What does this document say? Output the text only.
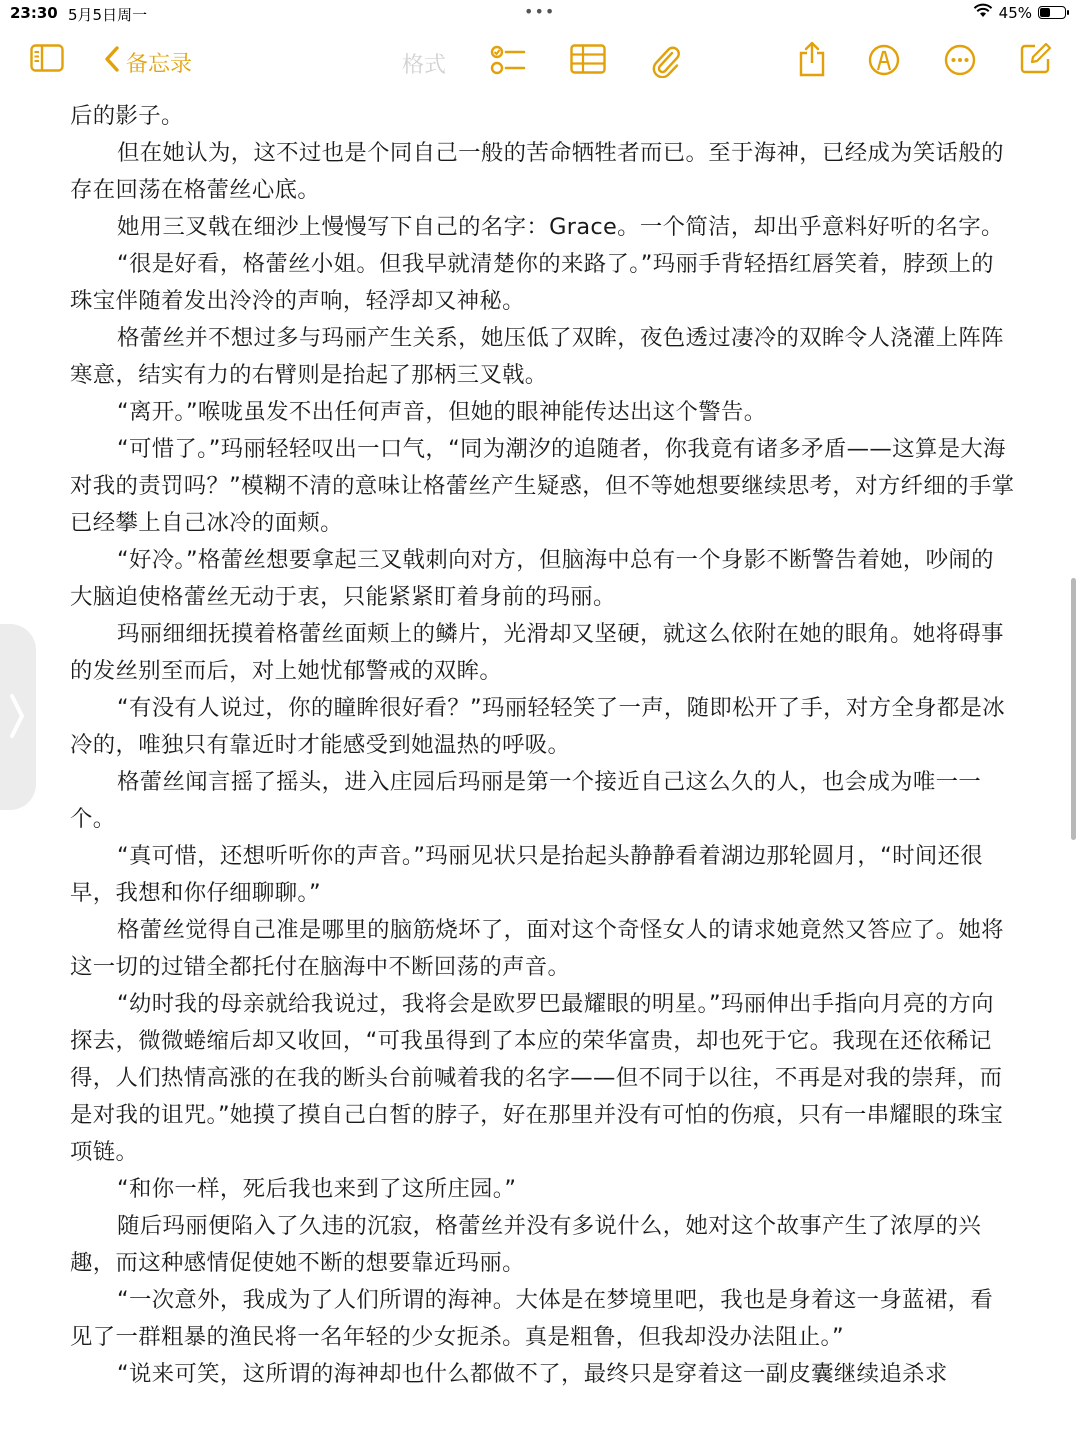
23:30 5月5日周一	•••	45%
备忘录	格式

后的影子。

但在她认为，这不过也是个同自己一般的苦命牺牲者而已。至于海神，已经成为笑话般的存在回荡在格蕾丝心底。

她用三叉戟在细沙上慢慢写下自己的名字：Grace。一个简洁，却出乎意料好听的名字。

“很是好看，格蕾丝小姐。但我早就清楚你的来路了。”玛丽手背轻捂红唇笑着，脖颈上的珠宝伴随着发出泠泠的声响，轻浮却又神秘。

格蕾丝并不想过多与玛丽产生关系，她压低了双眸，夜色透过凄冷的双眸令人浇灌上阵阵寒意，结实有力的右臂则是抬起了那柄三叉戟。

“离开。”喉咙虽发不出任何声音，但她的眼神能传达出这个警告。

“可惜了。”玛丽轻轻叹出一口气，“同为潮汐的追随者，你我竟有诸多矛盾——这算是大海对我的责罚吗？”模糊不清的意味让格蕾丝产生疑惑，但不等她想要继续思考，对方纤细的手掌已经攀上自己冰冷的面颊。

“好冷。”格蕾丝想要拿起三叉戟刺向对方，但脑海中总有一个身影不断警告着她，吵闹的大脑迫使格蕾丝无动于衷，只能紧紧盯着身前的玛丽。

玛丽细细抚摸着格蕾丝面颊上的鳞片，光滑却又坚硬，就这么依附在她的眼角。她将碍事的发丝别至而后，对上她忧郁警戒的双眸。

“有没有人说过，你的瞳眸很好看？”玛丽轻轻笑了一声，随即松开了手，对方全身都是冰冷的，唯独只有靠近时才能感受到她温热的呼吸。

格蕾丝闻言摇了摇头，进入庄园后玛丽是第一个接近自己这么久的人，也会成为唯一一个。

“真可惜，还想听听你的声音。”玛丽见状只是抬起头静静看着湖边那轮圆月，“时间还很早，我想和你仔细聊聊。”

格蕾丝觉得自己准是哪里的脑筋烧坏了，面对这个奇怪女人的请求她竟然又答应了。她将这一切的过错全都托付在脑海中不断回荡的声音。

“幼时我的母亲就给我说过，我将会是欧罗巴最耀眼的明星。”玛丽伸出手指向月亮的方向探去，微微蜷缩后却又收回，“可我虽得到了本应的荣华富贵，却也死于它。我现在还依稀记得，人们热情高涨的在我的断头台前喊着我的名字——但不同于以往，不再是对我的崇拜，而是对我的诅咒。”她摸了摸自己白皙的脖子，好在那里并没有可怕的伤痕，只有一串耀眼的珠宝项链。

“和你一样，死后我也来到了这所庄园。”

随后玛丽便陷入了久违的沉寂，格蕾丝并没有多说什么，她对这个故事产生了浓厚的兴趣，而这种感情促使她不断的想要靠近玛丽。

“一次意外，我成为了人们所谓的海神。大体是在梦境里吧，我也是身着这一身蓝裙，看见了一群粗暴的渔民将一名年轻的少女扼杀。真是粗鲁，但我却没办法阻止。”

“说来可笑，这所谓的海神却也什么都做不了，最终只是穿着这一副皮囊继续追杀求
